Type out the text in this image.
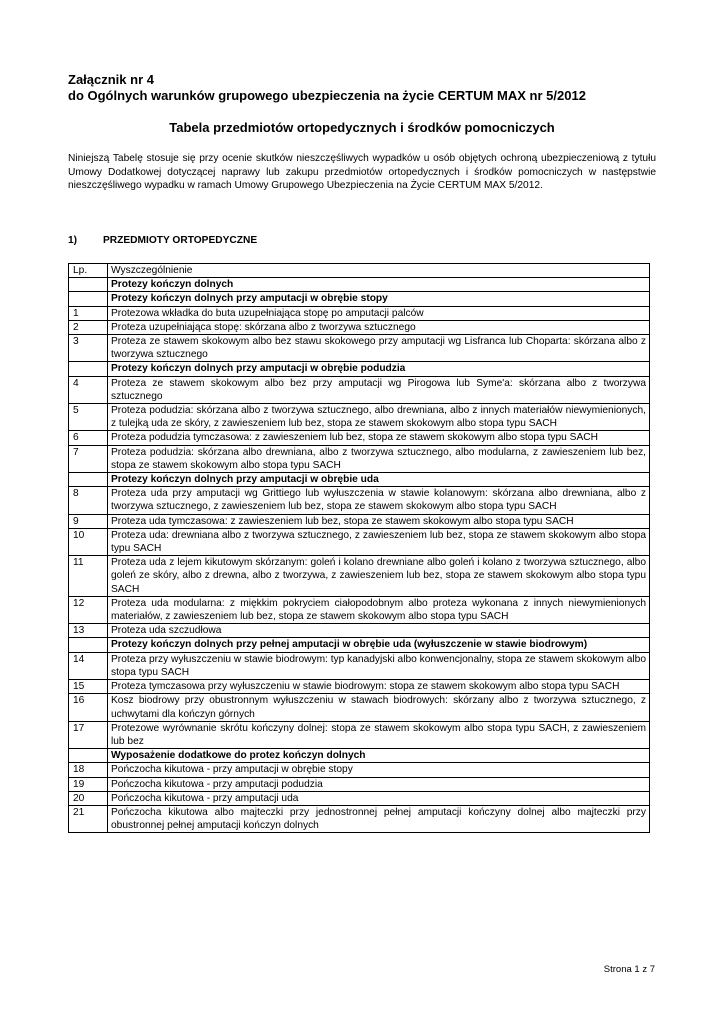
Załącznik nr 4
do Ogólnych warunków grupowego ubezpieczenia na życie CERTUM MAX nr 5/2012
Tabela przedmiotów ortopedycznych i środków pomocniczych
Niniejszą Tabelę stosuje się przy ocenie skutków nieszczęśliwych wypadków u osób objętych ochroną ubezpieczeniową z tytułu Umowy Dodatkowej dotyczącej naprawy lub zakupu przedmiotów ortopedycznych i środków pomocniczych w następstwie nieszczęśliwego wypadku w ramach Umowy Grupowego Ubezpieczenia na Życie CERTUM MAX 5/2012.
1)	PRZEDMIOTY ORTOPEDYCZNE
Lp.	Wyszczególnienie
	Protezy kończyn dolnych
	Protezy kończyn dolnych przy amputacji w obrębie stopy
1	Protezowa wkładka do buta uzupełniająca stopę po amputacji palców
2	Proteza uzupełniająca stopę: skórzana albo z tworzywa sztucznego
3	Proteza ze stawem skokowym albo bez stawu skokowego przy amputacji wg Lisfranca lub Choparta: skórzana albo z tworzywa sztucznego
	Protezy kończyn dolnych przy amputacji w obrębie podudzia
4	Proteza ze stawem skokowym albo bez przy amputacji wg Pirogowa lub Syme'a: skórzana albo z tworzywa sztucznego
5	Proteza podudzia: skórzana albo z tworzywa sztucznego, albo drewniana, albo z innych materiałów niewymienionych, z tulejką uda ze skóry, z zawieszeniem lub bez, stopa ze stawem skokowym albo stopa typu SACH
6	Proteza podudzia tymczasowa: z zawieszeniem lub bez, stopa ze stawem skokowym albo stopa typu SACH
7	Proteza podudzia: skórzana albo drewniana, albo z tworzywa sztucznego, albo modularna, z zawieszeniem lub bez, stopa ze stawem skokowym albo stopa typu SACH
	Protezy kończyn dolnych przy amputacji w obrębie uda
8	Proteza uda przy amputacji wg Grittiego lub wyłuszczenia w stawie kolanowym: skórzana albo drewniana, albo z tworzywa sztucznego, z zawieszeniem lub bez, stopa ze stawem skokowym albo stopa typu SACH
9	Proteza uda tymczasowa: z zawieszeniem lub bez, stopa ze stawem skokowym albo stopa typu SACH
10	Proteza uda: drewniana albo z tworzywa sztucznego, z zawieszeniem lub bez, stopa ze stawem skokowym albo stopa typu SACH
11	Proteza uda z lejem kikutowym skórzanym: goleń i kolano drewniane albo goleń i kolano z tworzywa sztucznego, albo goleń ze skóry, albo z drewna, albo z tworzywa, z zawieszeniem lub bez, stopa ze stawem skokowym albo stopa typu SACH
12	Proteza uda modularna: z miękkim pokryciem ciałopodobnym albo proteza wykonana z innych niewymienionych materiałów, z zawieszeniem lub bez, stopa ze stawem skokowym albo stopa typu SACH
13	Proteza uda szczudłowa
	Protezy kończyn dolnych przy pełnej amputacji w obrębie uda (wyłuszczenie w stawie biodrowym)
14	Proteza przy wyłuszczeniu w stawie biodrowym: typ kanadyjski albo konwencjonalny, stopa ze stawem skokowym albo stopa typu SACH
15	Proteza tymczasowa przy wyłuszczeniu w stawie biodrowym: stopa ze stawem skokowym albo stopa typu SACH
16	Kosz biodrowy przy obustronnym wyłuszczeniu w stawach biodrowych: skórzany albo z tworzywa sztucznego, z uchwytami dla kończyn górnych
17	Protezowe wyrównanie skrótu kończyny dolnej: stopa ze stawem skokowym albo stopa typu SACH, z zawieszeniem lub bez
	Wyposażenie dodatkowe do protez kończyn dolnych
18	Pończocha kikutowa - przy amputacji w obrębie stopy
19	Pończocha kikutowa - przy amputacji podudzia
20	Pończocha kikutowa - przy amputacji uda
21	Pończocha kikutowa albo majteczki przy jednostronnej pełnej amputacji kończyny dolnej albo majteczki przy obustronnej pełnej amputacji kończyn dolnych
Strona 1 z 7
